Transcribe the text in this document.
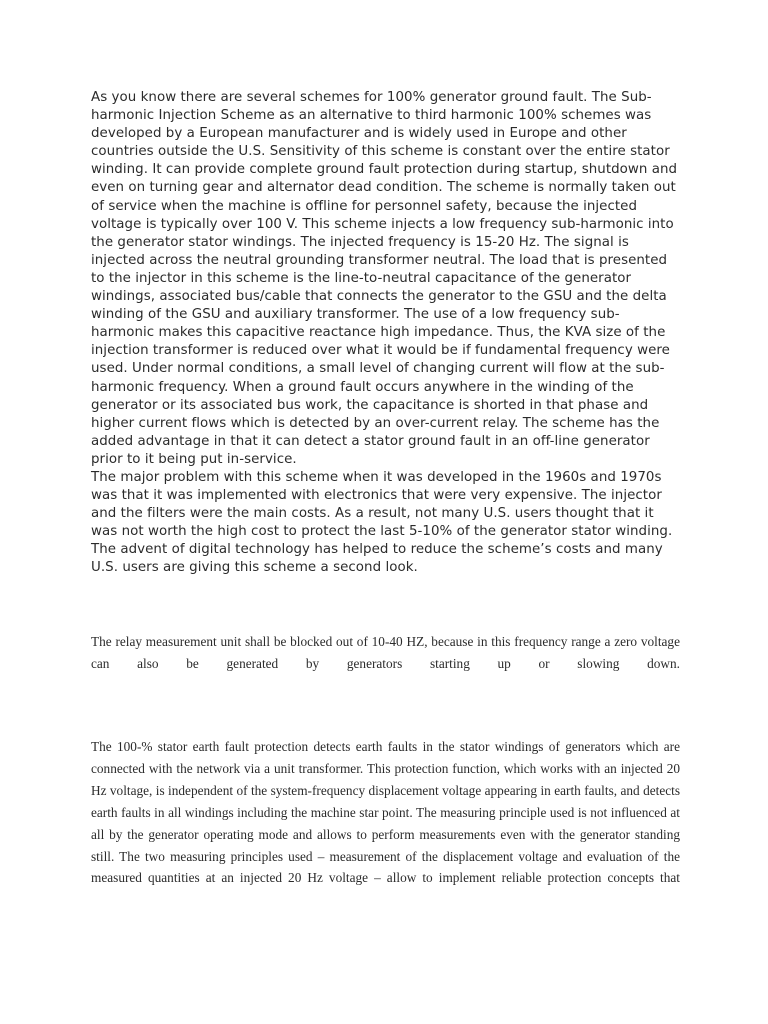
As you know there are several schemes for 100% generator ground fault. The Sub-harmonic Injection Scheme as an alternative to third harmonic 100% schemes was developed by a European manufacturer and is widely used in Europe and other countries outside the U.S. Sensitivity of this scheme is constant over the entire stator winding. It can provide complete ground fault protection during startup, shutdown and even on turning gear and alternator dead condition. The scheme is normally taken out of service when the machine is offline for personnel safety, because the injected voltage is typically over 100 V. This scheme injects a low frequency sub-harmonic into the generator stator windings. The injected frequency is 15-20 Hz. The signal is injected across the neutral grounding transformer neutral. The load that is presented to the injector in this scheme is the line-to-neutral capacitance of the generator windings, associated bus/cable that connects the generator to the GSU and the delta winding of the GSU and auxiliary transformer. The use of a low frequency sub-harmonic makes this capacitive reactance high impedance. Thus, the KVA size of the injection transformer is reduced over what it would be if fundamental frequency were used. Under normal conditions, a small level of changing current will flow at the sub-harmonic frequency. When a ground fault occurs anywhere in the winding of the generator or its associated bus work, the capacitance is shorted in that phase and higher current flows which is detected by an over-current relay. The scheme has the added advantage in that it can detect a stator ground fault in an off-line generator prior to it being put in-service.

The major problem with this scheme when it was developed in the 1960s and 1970s was that it was implemented with electronics that were very expensive. The injector and the filters were the main costs. As a result, not many U.S. users thought that it was not worth the high cost to protect the last 5-10% of the generator stator winding. The advent of digital technology has helped to reduce the scheme’s costs and many U.S. users are giving this scheme a second look.

The relay measurement unit shall be blocked out of 10-40 HZ, because in this frequency range a zero voltage can also be generated by generators starting up or slowing down.

The 100-% stator earth fault protection detects earth faults in the stator windings of generators which are connected with the network via a unit transformer. This protection function, which works with an injected 20 Hz voltage, is independent of the system-frequency displacement voltage appearing in earth faults, and detects earth faults in all windings including the machine star point. The measuring principle used is not influenced at all by the generator operating mode and allows to perform measurements even with the generator standing still. The two measuring principles used – measurement of the displacement voltage and evaluation of the measured quantities at an injected 20 Hz voltage – allow to implement reliable protection concepts that
